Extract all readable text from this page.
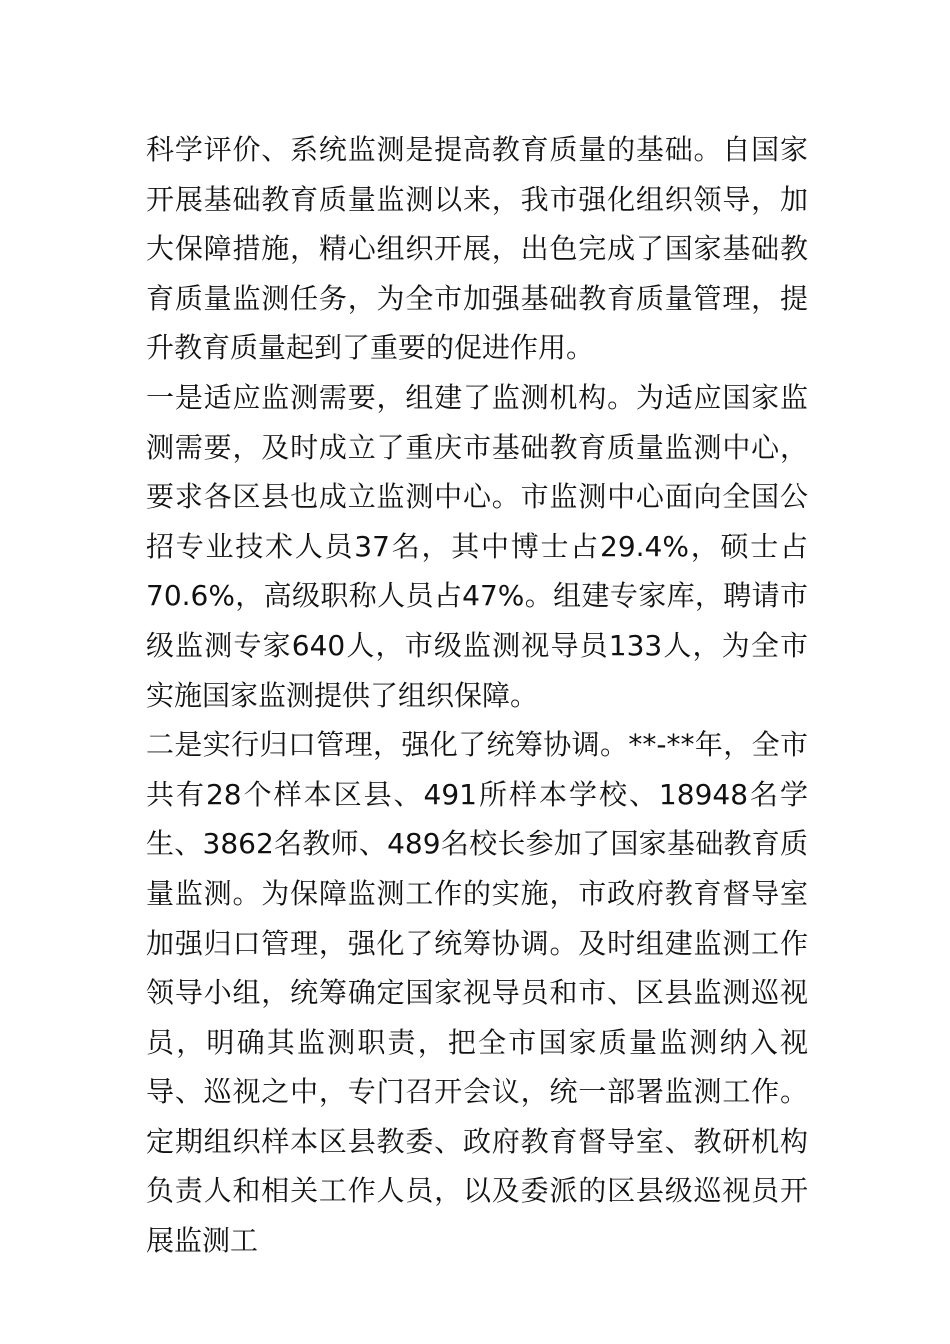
科学评价、系统监测是提高教育质量的基础。自国家开展基础教育质量监测以来，我市强化组织领导，加大保障措施，精心组织开展，出色完成了国家基础教育质量监测任务，为全市加强基础教育质量管理，提升教育质量起到了重要的促进作用。

一是适应监测需要，组建了监测机构。为适应国家监测需要，及时成立了重庆市基础教育质量监测中心，要求各区县也成立监测中心。市监测中心面向全国公招专业技术人员37名，其中博士占29.4%，硕士占70.6%，高级职称人员占47%。组建专家库，聘请市级监测专家640人，市级监测视导员133人，为全市实施国家监测提供了组织保障。

二是实行归口管理，强化了统筹协调。**-**年，全市共有28个样本区县、491所样本学校、18948名学生、3862名教师、489名校长参加了国家基础教育质量监测。为保障监测工作的实施，市政府教育督导室加强归口管理，强化了统筹协调。及时组建监测工作领导小组，统筹确定国家视导员和市、区县监测巡视员，明确其监测职责，把全市国家质量监测纳入视导、巡视之中，专门召开会议，统一部署监测工作。定期组织样本区县教委、政府教育督导室、教研机构负责人和相关工作人员，以及委派的区县级巡视员开展监测工
